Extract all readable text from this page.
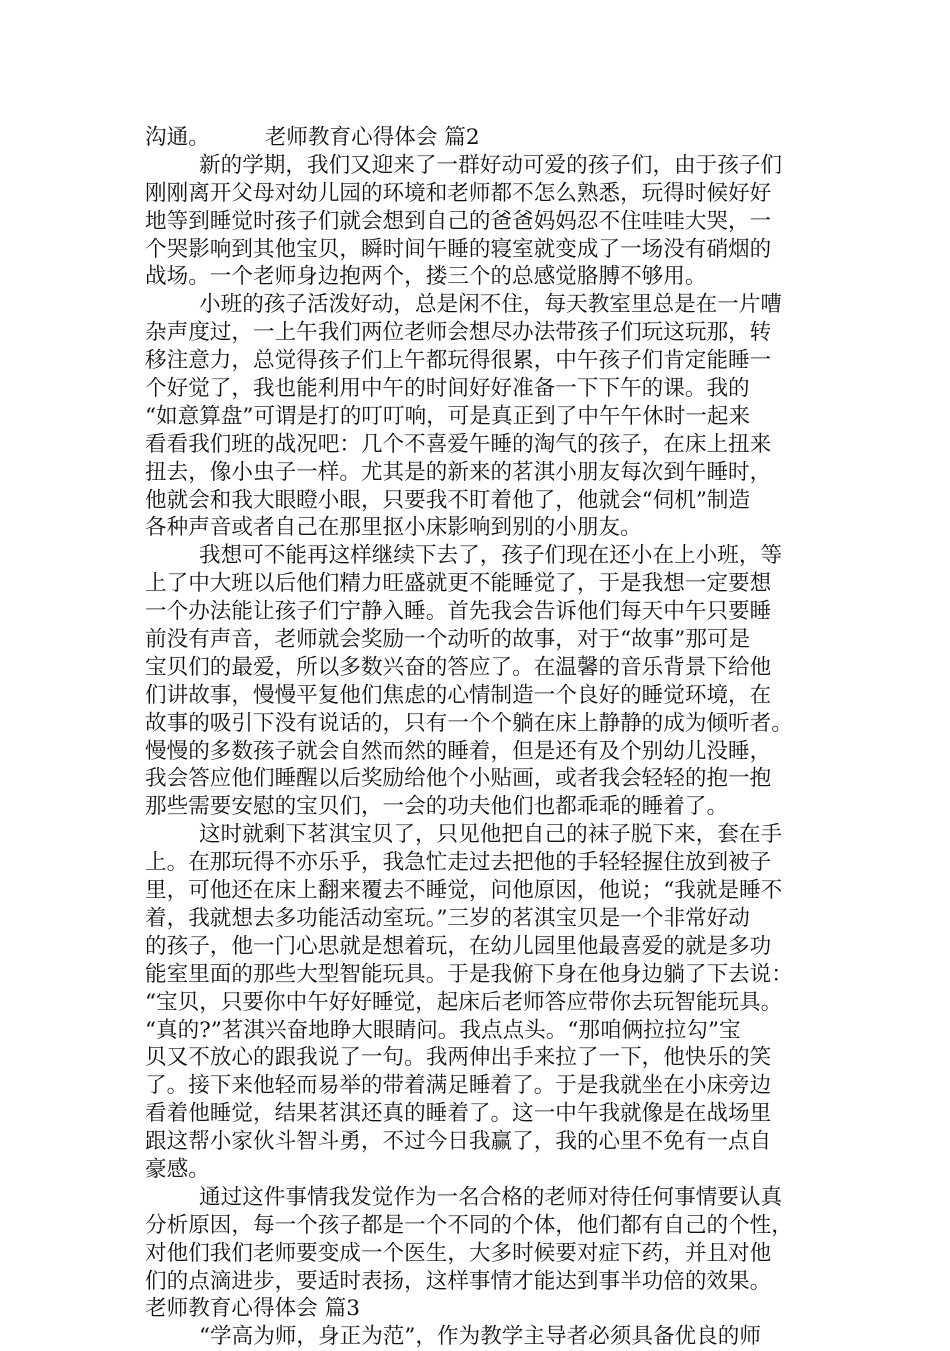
沟通。        老师教育心得体会 篇2
新的学期，我们又迎来了一群好动可爱的孩子们，由于孩子们
刚刚离开父母对幼儿园的环境和老师都不怎么熟悉，玩得时候好好
地等到睡觉时孩子们就会想到自己的爸爸妈妈忍不住哇哇大哭，一
个哭影响到其他宝贝，瞬时间午睡的寝室就变成了一场没有硝烟的
战场。一个老师身边抱两个，搂三个的总感觉胳膊不够用。
小班的孩子活泼好动，总是闲不住，每天教室里总是在一片嘈
杂声度过，一上午我们两位老师会想尽办法带孩子们玩这玩那，转
移注意力，总觉得孩子们上午都玩得很累，中午孩子们肯定能睡一
个好觉了，我也能利用中午的时间好好准备一下下午的课。我的
“如意算盘”可谓是打的叮叮响，可是真正到了中午午休时一起来
看看我们班的战况吧：几个不喜爱午睡的淘气的孩子，在床上扭来
扭去，像小虫子一样。尤其是的新来的茗淇小朋友每次到午睡时，
他就会和我大眼瞪小眼，只要我不盯着他了，他就会“伺机”制造
各种声音或者自己在那里抠小床影响到别的小朋友。
我想可不能再这样继续下去了，孩子们现在还小在上小班，等
上了中大班以后他们精力旺盛就更不能睡觉了，于是我想一定要想
一个办法能让孩子们宁静入睡。首先我会告诉他们每天中午只要睡
前没有声音，老师就会奖励一个动听的故事，对于“故事”那可是
宝贝们的最爱，所以多数兴奋的答应了。在温馨的音乐背景下给他
们讲故事，慢慢平复他们焦虑的心情制造一个良好的睡觉环境，在
故事的吸引下没有说话的，只有一个个躺在床上静静的成为倾听者。
慢慢的多数孩子就会自然而然的睡着，但是还有及个别幼儿没睡，
我会答应他们睡醒以后奖励给他个小贴画，或者我会轻轻的抱一抱
那些需要安慰的宝贝们，一会的功夫他们也都乖乖的睡着了。
这时就剩下茗淇宝贝了，只见他把自己的袜子脱下来，套在手
上。在那玩得不亦乐乎，我急忙走过去把他的手轻轻握住放到被子
里，可他还在床上翻来覆去不睡觉，问他原因，他说；“我就是睡不
着，我就想去多功能活动室玩。”三岁的茗淇宝贝是一个非常好动
的孩子，他一门心思就是想着玩，在幼儿园里他最喜爱的就是多功
能室里面的那些大型智能玩具。于是我俯下身在他身边躺了下去说：
“宝贝，只要你中午好好睡觉，起床后老师答应带你去玩智能玩具。
“真的?”茗淇兴奋地睁大眼睛问。我点点头。“那咱俩拉拉勾”宝
贝又不放心的跟我说了一句。我两伸出手来拉了一下，他快乐的笑
了。接下来他轻而易举的带着满足睡着了。于是我就坐在小床旁边
看着他睡觉，结果茗淇还真的睡着了。这一中午我就像是在战场里
跟这帮小家伙斗智斗勇，不过今日我赢了，我的心里不免有一点自
豪感。
通过这件事情我发觉作为一名合格的老师对待任何事情要认真
分析原因，每一个孩子都是一个不同的个体，他们都有自己的个性，
对他们我们老师要变成一个医生，大多时候要对症下药，并且对他
们的点滴进步，要适时表扬，这样事情才能达到事半功倍的效果。
老师教育心得体会 篇3
“学高为师，身正为范”，作为教学主导者必须具备优良的师
